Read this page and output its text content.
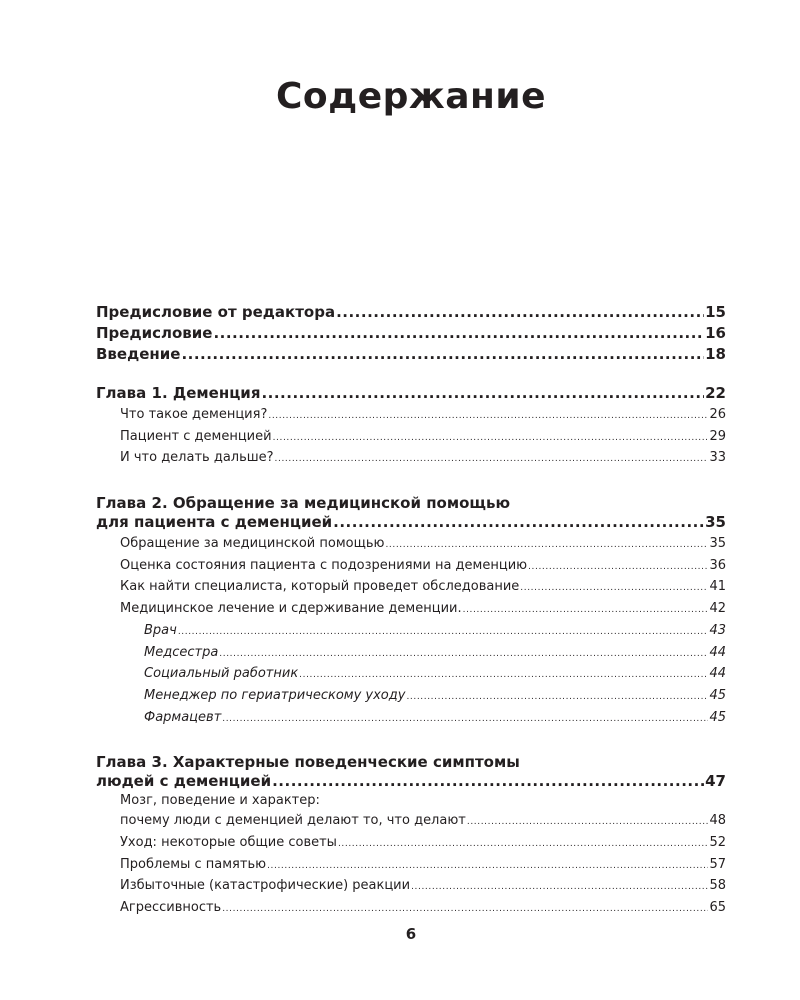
Содержание
Предисловие от редактора .....	15
Предисловие .....	16
Введение .....	18
Глава 1. Деменция .....	22
Что такое деменция? .....	26
Пациент с деменцией .....	29
И что делать дальше? .....	33
Глава 2. Обращение за медицинской помощью
для пациента с деменцией .....	35
Обращение за медицинской помощью .....	35
Оценка состояния пациента с подозрениями на деменцию .....	36
Как найти специалиста, который проведет обследование .....	41
Медицинское лечение и сдерживание деменции. .....	42
Врач .....	43
Медсестра .....	44
Социальный работник .....	44
Менеджер по гериатрическому уходу .....	45
Фармацевт .....	45
Глава 3. Характерные поведенческие симптомы
людей с деменцией .....	47
Мозг, поведение и характер:
почему люди с деменцией делают то, что делают .....	48
Уход: некоторые общие советы .....	52
Проблемы с памятью .....	57
Избыточные (катастрофические) реакции .....	58
Агрессивность .....	65
6
